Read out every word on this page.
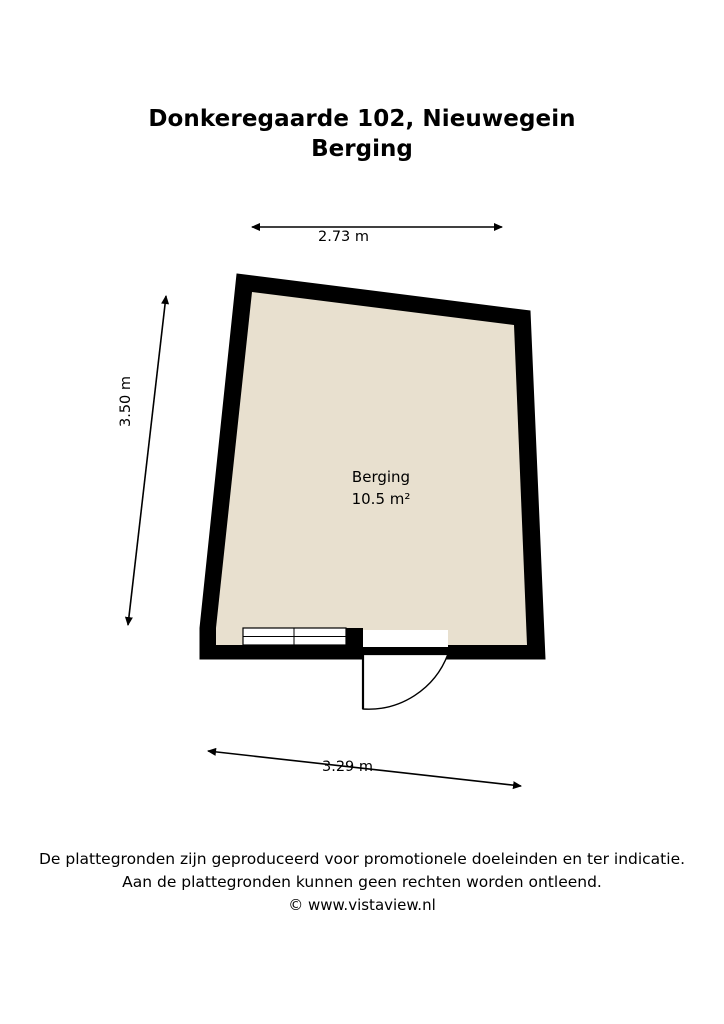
Donkeregaarde 102, Nieuwegein
Berging
2.73 m
3.50 m
3.29 m
Berging
10.5 m²
De plattegronden zijn geproduceerd voor promotionele doeleinden en ter indicatie.
Aan de plattegronden kunnen geen rechten worden ontleend.
© www.vistaview.nl
